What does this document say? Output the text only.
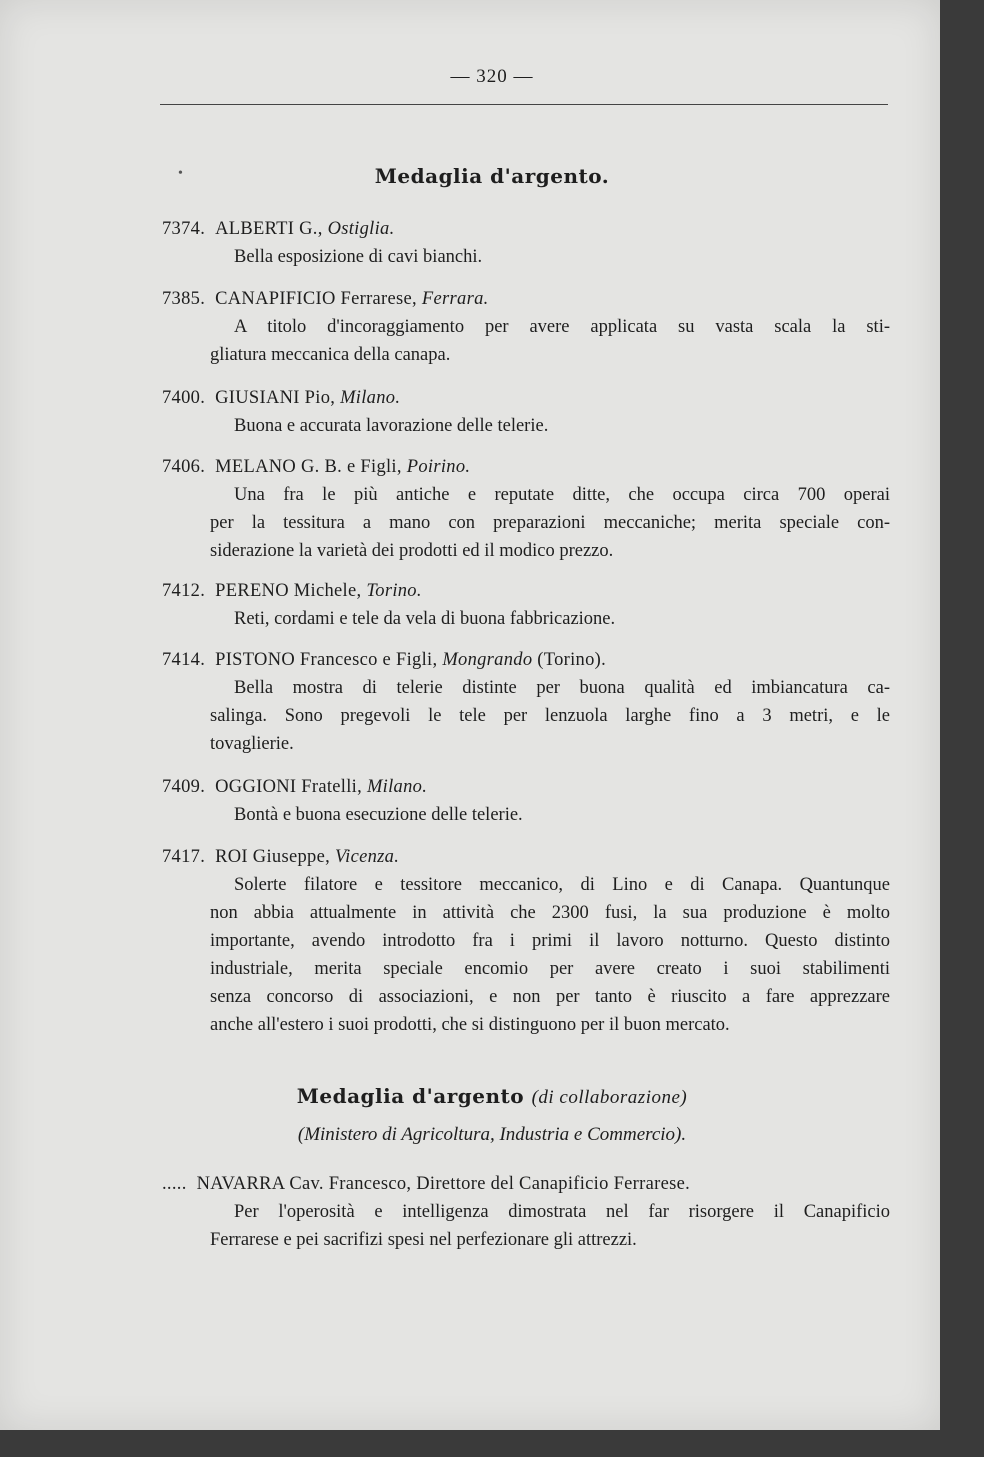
— 320 —
•	Medaglia d'argento.
7374. ALBERTI G., Ostiglia.
Bella esposizione di cavi bianchi.
7385. CANAPIFICIO Ferrarese, Ferrara.
A titolo d'incoraggiamento per avere applicata su vasta scala la sti-
gliatura meccanica della canapa.
7400. GIUSIANI Pio, Milano.
Buona e accurata lavorazione delle telerie.
7406. MELANO G. B. e Figli, Poirino.
Una fra le più antiche e reputate ditte, che occupa circa 700 operai
per la tessitura a mano con preparazioni meccaniche; merita speciale con-
siderazione la varietà dei prodotti ed il modico prezzo.
7412. PERENO Michele, Torino.
Reti, cordami e tele da vela di buona fabbricazione.
7414. PISTONO Francesco e Figli, Mongrando (Torino).
Bella mostra di telerie distinte per buona qualità ed imbiancatura ca-
salinga. Sono pregevoli le tele per lenzuola larghe fino a 3 metri, e le
tovaglierie.
7409. OGGIONI Fratelli, Milano.
Bontà e buona esecuzione delle telerie.
7417. ROI Giuseppe, Vicenza.
Solerte filatore e tessitore meccanico, di Lino e di Canapa. Quantunque
non abbia attualmente in attività che 2300 fusi, la sua produzione è molto
importante, avendo introdotto fra i primi il lavoro notturno. Questo distinto
industriale, merita speciale encomio per avere creato i suoi stabilimenti
senza concorso di associazioni, e non per tanto è riuscito a fare apprezzare
anche all'estero i suoi prodotti, che si distinguono per il buon mercato.
Medaglia d'argento (di collaborazione)
(Ministero di Agricoltura, Industria e Commercio).
..... NAVARRA Cav. Francesco, Direttore del Canapificio Ferrarese.
Per l'operosità e intelligenza dimostrata nel far risorgere il Canapificio
Ferrarese e pei sacrifizi spesi nel perfezionare gli attrezzi.
